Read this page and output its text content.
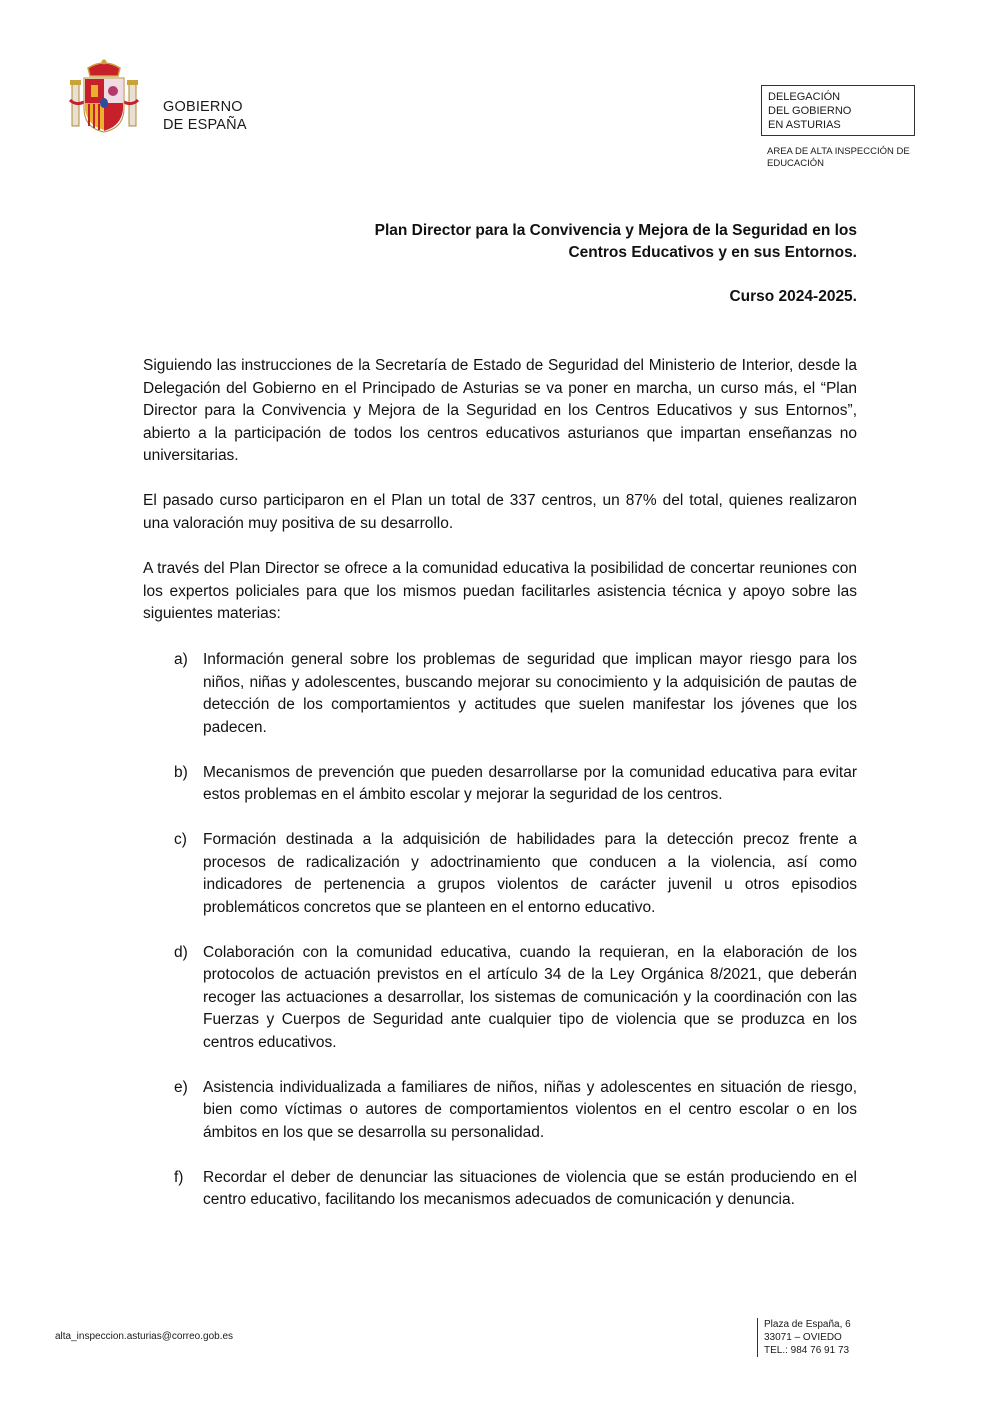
GOBIERNO
DE ESPAÑA
DELEGACIÓN
DEL GOBIERNO
EN ASTURIAS
AREA DE ALTA INSPECCIÓN DE
EDUCACIÓN
Plan Director para la Convivencia y Mejora de la Seguridad en los
Centros Educativos y en sus Entornos.
Curso 2024-2025.

Siguiendo las instrucciones de la Secretaría de Estado de Seguridad del Ministerio de Interior, desde la Delegación del Gobierno en el Principado de Asturias se va poner en marcha, un curso más, el “Plan Director para la Convivencia y Mejora de la Seguridad en los Centros Educativos y sus Entornos”, abierto a la participación de todos los centros educativos asturianos que impartan enseñanzas no universitarias.

El pasado curso participaron en el Plan un total de 337 centros, un 87% del total, quienes realizaron una valoración muy positiva de su desarrollo.

A través del Plan Director se ofrece a la comunidad educativa la posibilidad de concertar reuniones con los expertos policiales para que los mismos puedan facilitarles asistencia técnica y apoyo sobre las siguientes materias:

a) Información general sobre los problemas de seguridad que implican mayor riesgo para los niños, niñas y adolescentes, buscando mejorar su conocimiento y la adquisición de pautas de detección de los comportamientos y actitudes que suelen manifestar los jóvenes que los padecen.
b) Mecanismos de prevención que pueden desarrollarse por la comunidad educativa para evitar estos problemas en el ámbito escolar y mejorar la seguridad de los centros.
c) Formación destinada a la adquisición de habilidades para la detección precoz frente a procesos de radicalización y adoctrinamiento que conducen a la violencia, así como indicadores de pertenencia a grupos violentos de carácter juvenil u otros episodios problemáticos concretos que se planteen en el entorno educativo.
d) Colaboración con la comunidad educativa, cuando la requieran, en la elaboración de los protocolos de actuación previstos en el artículo 34 de la Ley Orgánica 8/2021, que deberán recoger las actuaciones a desarrollar, los sistemas de comunicación y la coordinación con las Fuerzas y Cuerpos de Seguridad ante cualquier tipo de violencia que se produzca en los centros educativos.
e) Asistencia individualizada a familiares de niños, niñas y adolescentes en situación de riesgo, bien como víctimas o autores de comportamientos violentos en el centro escolar o en los ámbitos en los que se desarrolla su personalidad.
f) Recordar el deber de denunciar las situaciones de violencia que se están produciendo en el centro educativo, facilitando los mecanismos adecuados de comunicación y denuncia.
alta_inspeccion.asturias@correo.gob.es
Plaza de España, 6
33071 – OVIEDO
TEL.: 984 76 91 73
